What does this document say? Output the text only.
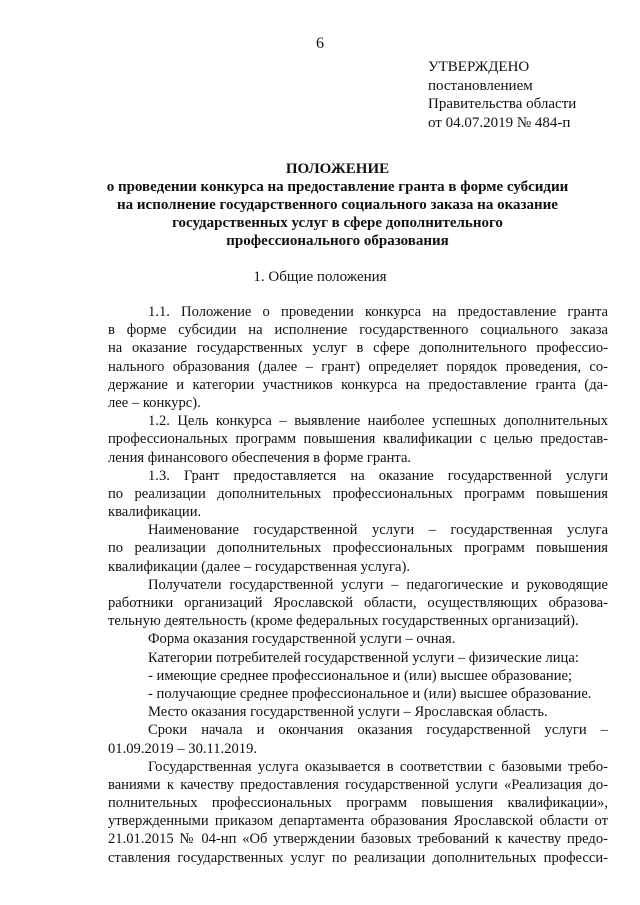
6
УТВЕРЖДЕНО
постановлением
Правительства области
от 04.07.2019 № 484-п
ПОЛОЖЕНИЕ
о проведении конкурса на предоставление гранта в форме субсидии
на исполнение государственного социального заказа на оказание
государственных услуг в сфере дополнительного
профессионального образования
1. Общие положения
1.1. Положение о проведении конкурса на предоставление гранта
в форме субсидии на исполнение государственного социального заказа
на оказание государственных услуг в сфере дополнительного профессио-
нального образования (далее – грант) определяет порядок проведения, со-
держание и категории участников конкурса на предоставление гранта (да-
лее – конкурс).
1.2. Цель конкурса – выявление наиболее успешных дополнительных
профессиональных программ повышения квалификации с целью предостав-
ления финансового обеспечения в форме гранта.
1.3. Грант предоставляется на оказание государственной услуги
по реализации дополнительных профессиональных программ повышения
квалификации.
Наименование государственной услуги – государственная услуга
по реализации дополнительных профессиональных программ повышения
квалификации (далее – государственная услуга).
Получатели государственной услуги – педагогические и руководящие
работники организаций Ярославской области, осуществляющих образова-
тельную деятельность (кроме федеральных государственных организаций).
Форма оказания государственной услуги – очная.
Категории потребителей государственной услуги – физические лица:
- имеющие среднее профессиональное и (или) высшее образование;
- получающие среднее профессиональное и (или) высшее образование.
Место оказания государственной услуги – Ярославская область.
Сроки начала и окончания оказания государственной услуги –
01.09.2019 – 30.11.2019.
Государственная услуга оказывается в соответствии с базовыми требо-
ваниями к качеству предоставления государственной услуги «Реализация до-
полнительных профессиональных программ повышения квалификации»,
утвержденными приказом департамента образования Ярославской области от
21.01.2015 № 04-нп «Об утверждении базовых требований к качеству предо-
ставления государственных услуг по реализации дополнительных професси-
